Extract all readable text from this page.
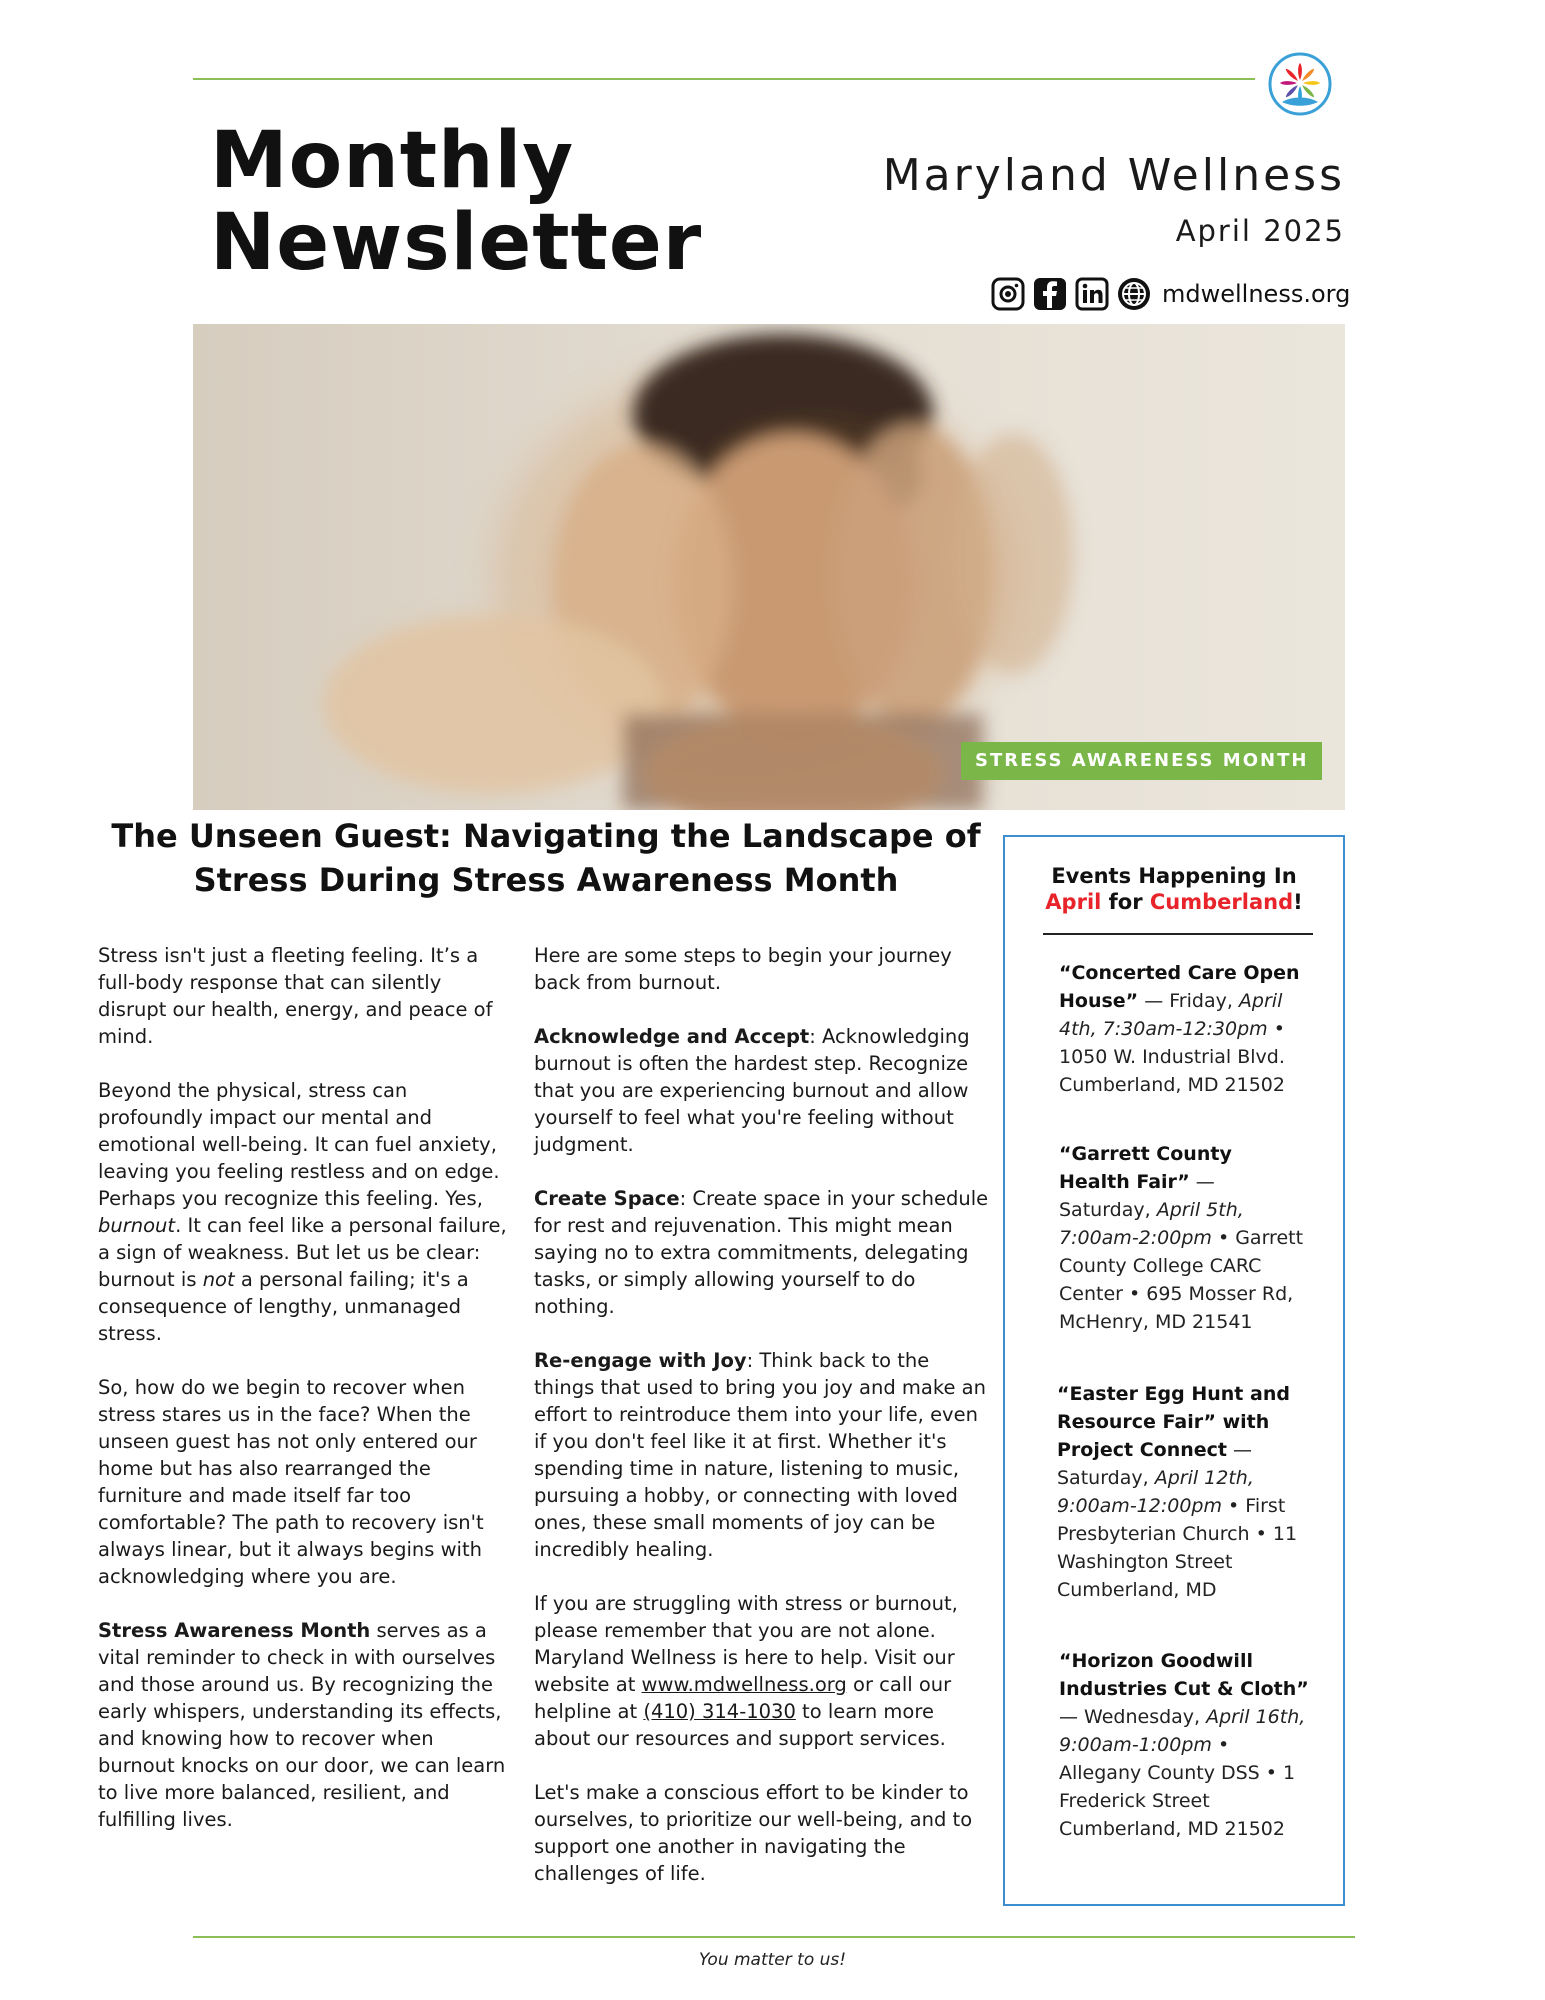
Monthly
Newsletter
Maryland Wellness
April 2025
mdwellness.org
STRESS AWARENESS MONTH
The Unseen Guest: Navigating the Landscape of Stress During Stress Awareness Month

Stress isn't just a fleeting feeling. It’s a full-body response that can silently disrupt our health, energy, and peace of mind.

Beyond the physical, stress can profoundly impact our mental and emotional well-being. It can fuel anxiety, leaving you feeling restless and on edge. Perhaps you recognize this feeling. Yes, burnout. It can feel like a personal failure, a sign of weakness. But let us be clear: burnout is not a personal failing; it's a consequence of lengthy, unmanaged stress.

So, how do we begin to recover when stress stares us in the face? When the unseen guest has not only entered our home but has also rearranged the furniture and made itself far too comfortable? The path to recovery isn't always linear, but it always begins with acknowledging where you are.

Stress Awareness Month serves as a vital reminder to check in with ourselves and those around us. By recognizing the early whispers, understanding its effects, and knowing how to recover when burnout knocks on our door, we can learn to live more balanced, resilient, and fulfilling lives.

Here are some steps to begin your journey back from burnout.

Acknowledge and Accept: Acknowledging burnout is often the hardest step. Recognize that you are experiencing burnout and allow yourself to feel what you're feeling without judgment.

Create Space: Create space in your schedule for rest and rejuvenation. This might mean saying no to extra commitments, delegating tasks, or simply allowing yourself to do nothing.

Re-engage with Joy: Think back to the things that used to bring you joy and make an effort to reintroduce them into your life, even if you don't feel like it at first. Whether it's spending time in nature, listening to music, pursuing a hobby, or connecting with loved ones, these small moments of joy can be incredibly healing.

If you are struggling with stress or burnout, please remember that you are not alone. Maryland Wellness is here to help. Visit our website at www.mdwellness.org or call our helpline at (410) 314-1030 to learn more about our resources and support services.

Let's make a conscious effort to be kinder to ourselves, to prioritize our well-being, and to support one another in navigating the challenges of life.

Events Happening In
April for Cumberland!
“Concerted Care Open House” — Friday, April 4th, 7:30am-12:30pm • 1050 W. Industrial Blvd. Cumberland, MD 21502
“Garrett County Health Fair” — Saturday, April 5th, 7:00am-2:00pm • Garrett County College CARC Center • 695 Mosser Rd, McHenry, MD 21541
“Easter Egg Hunt and Resource Fair” with Project Connect — Saturday, April 12th, 9:00am-12:00pm • First Presbyterian Church • 11 Washington Street Cumberland, MD
“Horizon Goodwill Industries Cut & Cloth” — Wednesday, April 16th, 9:00am-1:00pm • Allegany County DSS • 1 Frederick Street Cumberland, MD 21502
You matter to us!
